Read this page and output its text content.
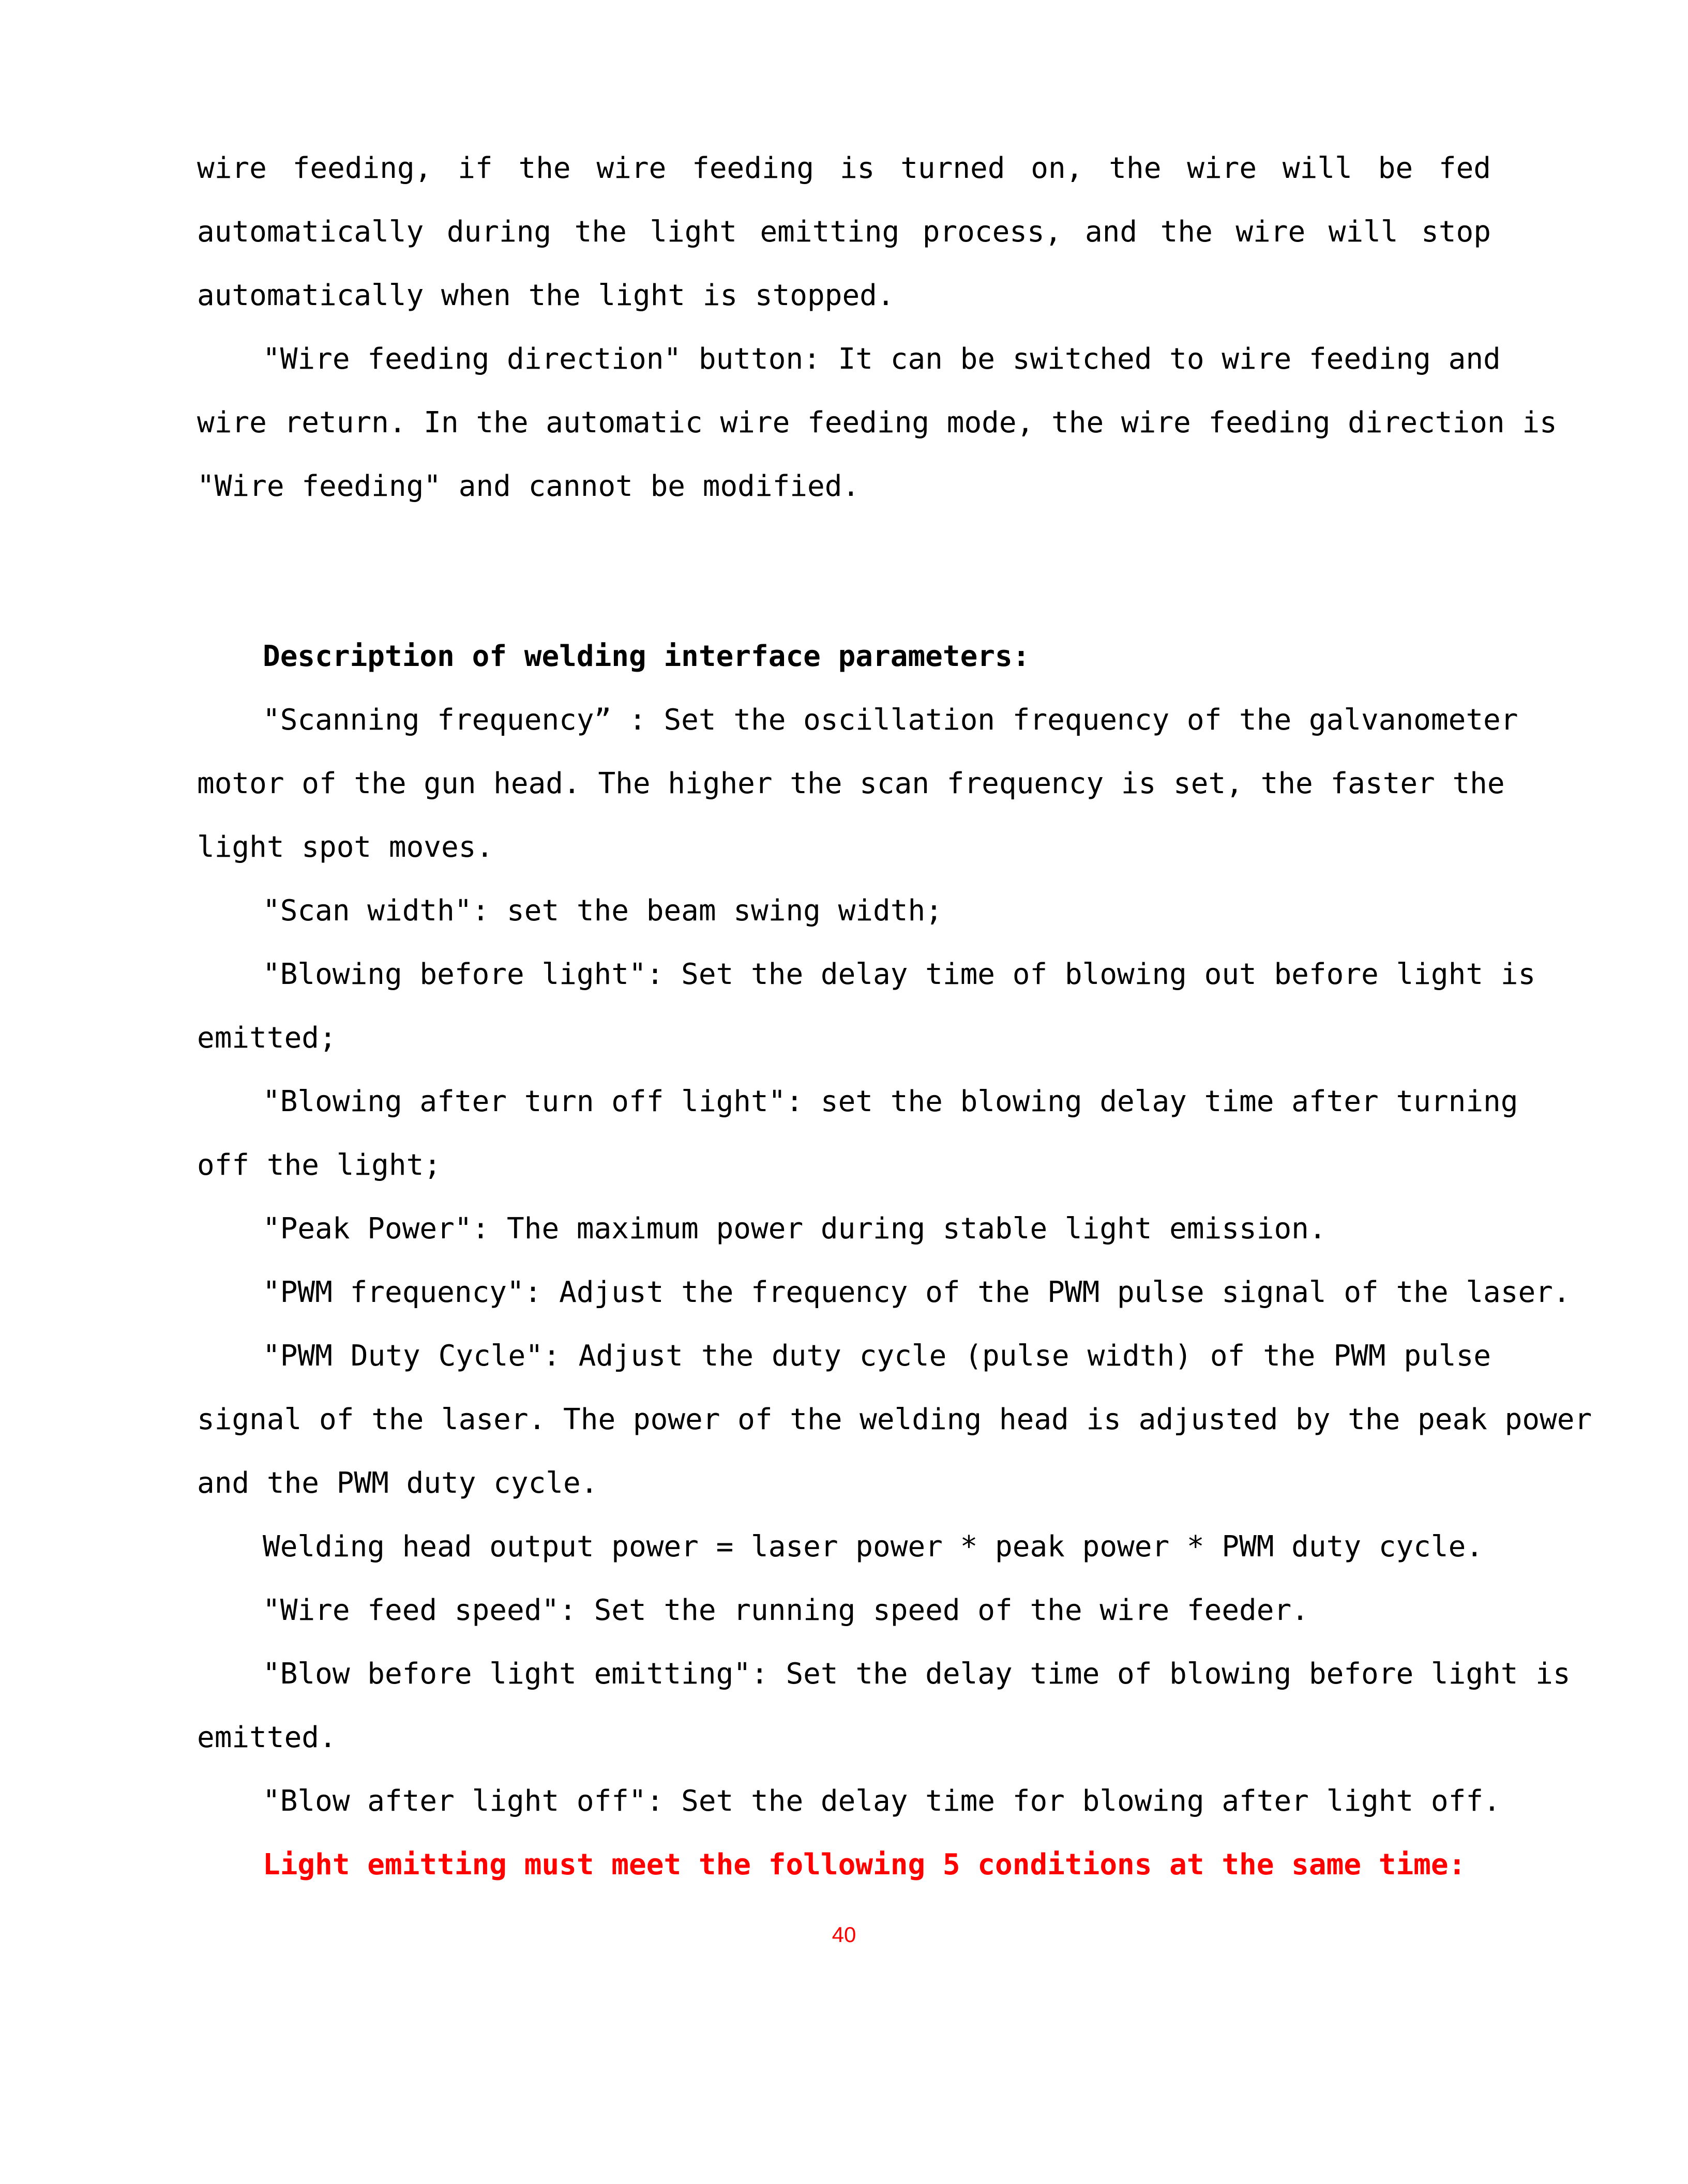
wire feeding, if the wire feeding is turned on, the wire will be fed
automatically during the light emitting process, and the wire will stop
automatically when the light is stopped.
"Wire feeding direction" button: It can be switched to wire feeding and
wire return. In the automatic wire feeding mode, the wire feeding direction is
"Wire feeding" and cannot be modified.
Description of welding interface parameters:
"Scanning frequency” : Set the oscillation frequency of the galvanometer
motor of the gun head. The higher the scan frequency is set, the faster the
light spot moves.
"Scan width": set the beam swing width;
"Blowing before light": Set the delay time of blowing out before light is
emitted;
"Blowing after turn off light": set the blowing delay time after turning
off the light;
"Peak Power": The maximum power during stable light emission.
"PWM frequency": Adjust the frequency of the PWM pulse signal of the laser.
"PWM Duty Cycle": Adjust the duty cycle (pulse width) of the PWM pulse
signal of the laser. The power of the welding head is adjusted by the peak power
and the PWM duty cycle.
Welding head output power = laser power * peak power * PWM duty cycle.
"Wire feed speed": Set the running speed of the wire feeder.
"Blow before light emitting": Set the delay time of blowing before light is
emitted.
"Blow after light off": Set the delay time for blowing after light off.
Light emitting must meet the following 5 conditions at the same time:
40
